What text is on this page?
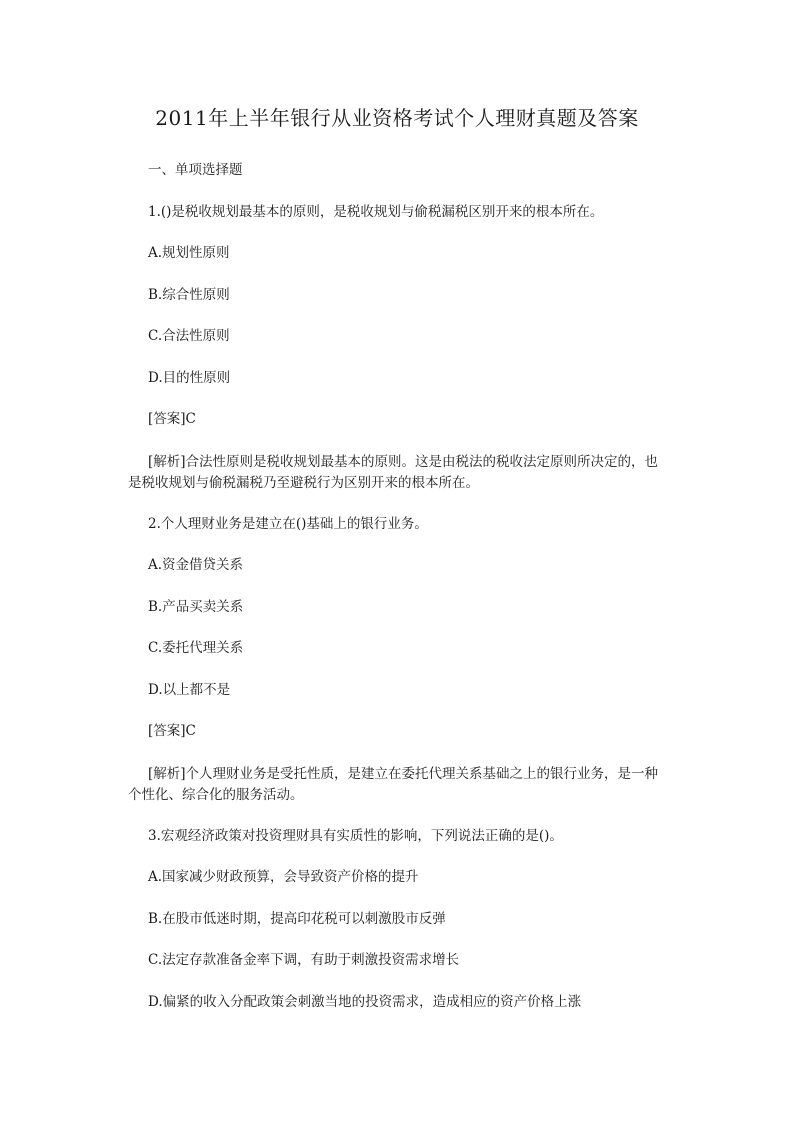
2011年上半年银行从业资格考试个人理财真题及答案
一、单项选择题
1.()是税收规划最基本的原则，是税收规划与偷税漏税区别开来的根本所在。
A.规划性原则
B.综合性原则
C.合法性原则
D.目的性原则
[答案]C
[解析]合法性原则是税收规划最基本的原则。这是由税法的税收法定原则所决定的，也是税收规划与偷税漏税乃至避税行为区别开来的根本所在。
2.个人理财业务是建立在()基础上的银行业务。
A.资金借贷关系
B.产品买卖关系
C.委托代理关系
D.以上都不是
[答案]C
[解析]个人理财业务是受托性质，是建立在委托代理关系基础之上的银行业务，是一种个性化、综合化的服务活动。
3.宏观经济政策对投资理财具有实质性的影响，下列说法正确的是()。
A.国家减少财政预算，会导致资产价格的提升
B.在股市低迷时期，提高印花税可以刺激股市反弹
C.法定存款准备金率下调，有助于刺激投资需求增长
D.偏紧的收入分配政策会刺激当地的投资需求，造成相应的资产价格上涨
